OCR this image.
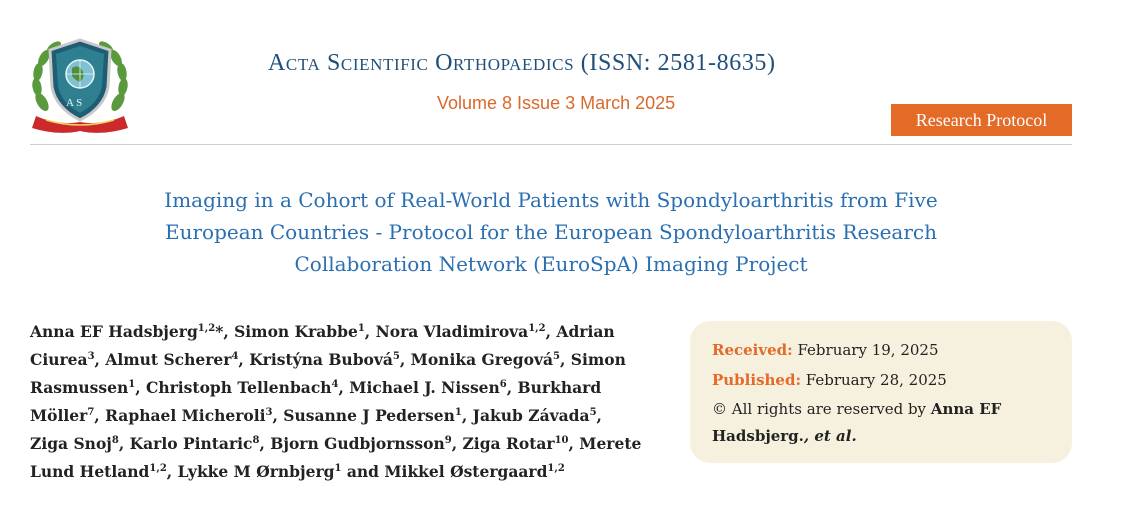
A S
Acta Scientific Orthopaedics (ISSN: 2581-8635)
Volume 8 Issue 3 March 2025
Research Protocol
Imaging in a Cohort of Real-World Patients with Spondyloarthritis from Five
European Countries - Protocol for the European Spondyloarthritis Research
Collaboration Network (EuroSpA) Imaging Project
Anna EF Hadsbjerg$^{1,2}$*, Simon Krabbe$^1$, Nora Vladimirova$^{1,2}$, Adrian
Ciurea$^3$, Almut Scherer$^4$, Kristýna Bubová$^5$, Monika Gregová$^5$, Simon
Rasmussen$^1$, Christoph Tellenbach$^4$, Michael J. Nissen$^6$, Burkhard
Möller$^7$, Raphael Micheroli$^3$, Susanne J Pedersen$^1$, Jakub Závada$^5$,
Ziga Snoj$^8$, Karlo Pintaric$^8$, Bjorn Gudbjornsson$^9$, Ziga Rotar$^{10}$, Merete
Lund Hetland$^{1,2}$, Lykke M Ørnbjerg$^1$ and Mikkel Østergaard$^{1,2}$
Received: February 19, 2025
Published: February 28, 2025
© All rights are reserved by Anna EF
Hadsbjerg., et al.
